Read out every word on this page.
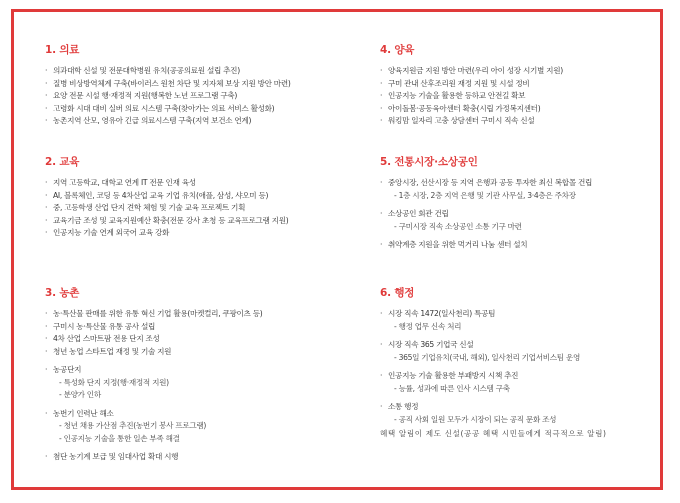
1. 의료
· 의과대학 신설 및 전문대학병원 유치(공공의료원 설립 추진)
· 질병 비상방역체계 구축(바이러스 원천 차단 및 지자체 보상 지원 방안 마련)
· 요양 전문 시설 행·재정적 지원(행복한 노년 프로그램 구축)
· 고령화 시대 대비 실버 의료 시스템 구축(찾아가는 의료 서비스 활성화)
· 농촌지역 산모, 영유아 긴급 의료시스템 구축(지역 보건소 연계)
2. 교육
· 지역 고등학교, 대학교 연계 IT 전문 인재 육성
· AI, 블록체인, 코딩 등 4차산업 교육 기업 유치(애플, 삼성, 샤오미 등)
· 중, 고등학생 산업 단지 견학 체험 및 기술 교육 프로젝트 기획
· 교육기금 조성 및 교육지원예산 확충(전문 강사 초청 등 교육프로그램 지원)
· 인공지능 기술 연계 외국어 교육 강화
3. 농촌
· 농·특산물 판매를 위한 유통 혁신 기업 활용(마켓컬리, 쿠팡이츠 등)
· 구미시 농·특산물 유통 공사 설립
· 4차 산업 스마트팜 전용 단지 조성
· 청년 농업 스타트업 재정 및 기술 지원
· 농공단지
- 특성화 단지 지정(행·재정적 지원)
- 분양가 인하
· 농번기 인력난 해소
- 청년 채용 가산점 추진(농번기 봉사 프로그램)
- 인공지능 기술을 통한 일손 부족 해결
· 첨단 농기계 보급 및 임대사업 확대 시행
4. 양육
· 양육지원금 지원 방안 마련(우리 아이 성장 시기별 지원)
· 구미 관내 산후조리원 재정 지원 및 시설 정비
· 인공지능 기술을 활용한 등하교 안전길 확보
· 아이돌봄·공동육아센터 확충(시립 가정복지센터)
· 워킹맘 일자리 고충 상담센터 구미시 직속 신설
5. 전통시장·소상공인
· 중앙시장, 선산시장 등 지역 은행과 공동 투자한 최신 복합몰 건립
- 1층 시장, 2층 지역 은행 및 기관 사무실, 3·4층은 주차장
· 소상공인 회관 건립
- 구미시장 직속 소상공인 소통 기구 마련
· 취약계층 지원을 위한 먹거리 나눔 센터 설치
6. 행정
· 시장 직속 1472(일사천리) 특공팀
- 행정 업무 신속 처리
· 시장 직속 365 기업국 신설
- 365일 기업유치(국내, 해외), 일사천리 기업서비스팀 운영
· 인공지능 기술 활용한 부패방지 시책 추진
- 능률, 성과에 따른 인사 시스템 구축
· 소통 행정
- 공직 사회 일원 모두가 시장이 되는 공직 문화 조성
혜택 알림이 제도 신설(공공 혜택 시민들에게 적극적으로 알림)
